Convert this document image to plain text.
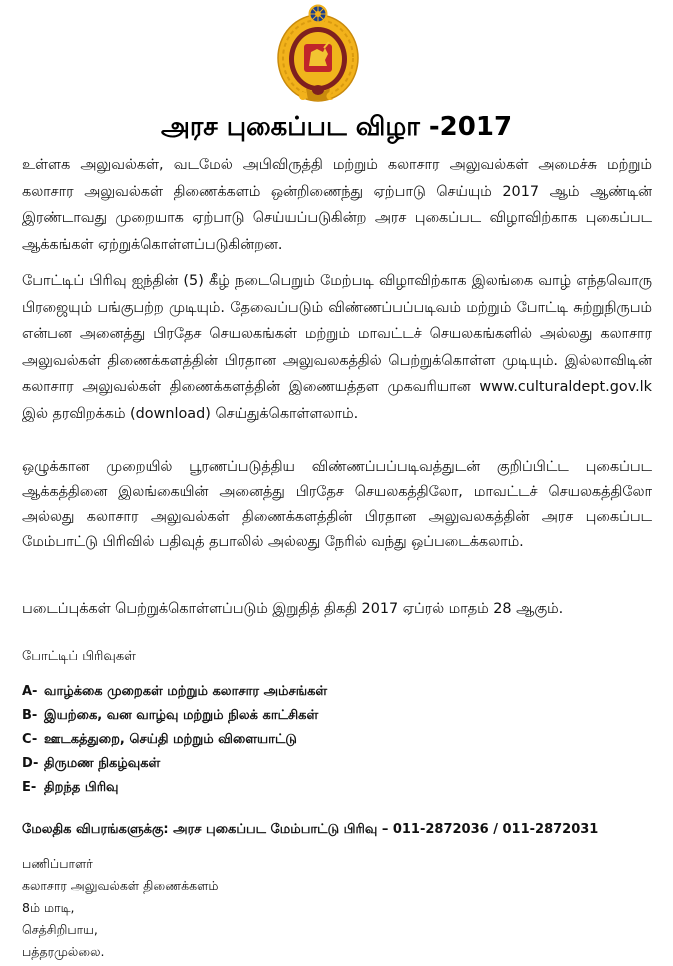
அரச புகைப்பட விழா -2017

உள்ளக அலுவல்கள், வடமேல் அபிவிருத்தி மற்றும் கலாசார அலுவல்கள் அமைச்சு மற்றும் கலாசார அலுவல்கள் திணைக்களம் ஒன்றிணைந்து ஏற்பாடு செய்யும் 2017 ஆம் ஆண்டின் இரண்டாவது முறையாக ஏற்பாடு செய்யப்படுகின்ற அரச புகைப்பட விழாவிற்காக புகைப்பட ஆக்கங்கள் ஏற்றுக்கொள்ளப்படுகின்றன.

போட்டிப் பிரிவு ஐந்தின் (5) கீழ் நடைபெறும் மேற்படி விழாவிற்காக இலங்கை வாழ் எந்தவொரு பிரஜையும் பங்குபற்ற முடியும். தேவைப்படும் விண்ணப்பப்படிவம் மற்றும் போட்டி சுற்றுநிருபம் என்பன அனைத்து பிரதேச செயலகங்கள் மற்றும் மாவட்டச் செயலகங்களில் அல்லது கலாசார அலுவல்கள் திணைக்களத்தின் பிரதான அலுவலகத்தில் பெற்றுக்கொள்ள முடியும். இல்லாவிடின் கலாசார அலுவல்கள் திணைக்களத்தின் இணையத்தள முகவரியான www.culturaldept.gov.lk இல் தரவிறக்கம் (download) செய்துக்கொள்ளலாம்.

ஒழுக்கான முறையில் பூரணப்படுத்திய விண்ணப்பப்படிவத்துடன் குறிப்பிட்ட புகைப்பட ஆக்கத்தினை இலங்கையின் அனைத்து பிரதேச செயலகத்திலோ, மாவட்டச் செயலகத்திலோ அல்லது கலாசார அலுவல்கள் திணைக்களத்தின் பிரதான அலுவலகத்தின் அரச புகைப்பட மேம்பாட்டு பிரிவில் பதிவுத் தபாலில் அல்லது நேரில் வந்து ஒப்படைக்கலாம்.

படைப்புக்கள் பெற்றுக்கொள்ளப்படும் இறுதித் திகதி 2017 ஏப்ரல் மாதம் 28 ஆகும்.

போட்டிப் பிரிவுகள்
A- வாழ்க்கை முறைகள் மற்றும் கலாசார அம்சங்கள்
B- இயற்கை, வன வாழ்வு மற்றும் நிலக் காட்சிகள்
C- ஊடகத்துறை, செய்தி மற்றும் விளையாட்டு
D- திருமண நிகழ்வுகள்
E- திறந்த பிரிவு
மேலதிக விபரங்களுக்கு: அரச புகைப்பட மேம்பாட்டு பிரிவு – 011-2872036 / 011-2872031
பணிப்பாளர்
கலாசார அலுவல்கள் திணைக்களம்
8ம் மாடி,
செத்சிறிபாய,
பத்தரமுல்லை.
